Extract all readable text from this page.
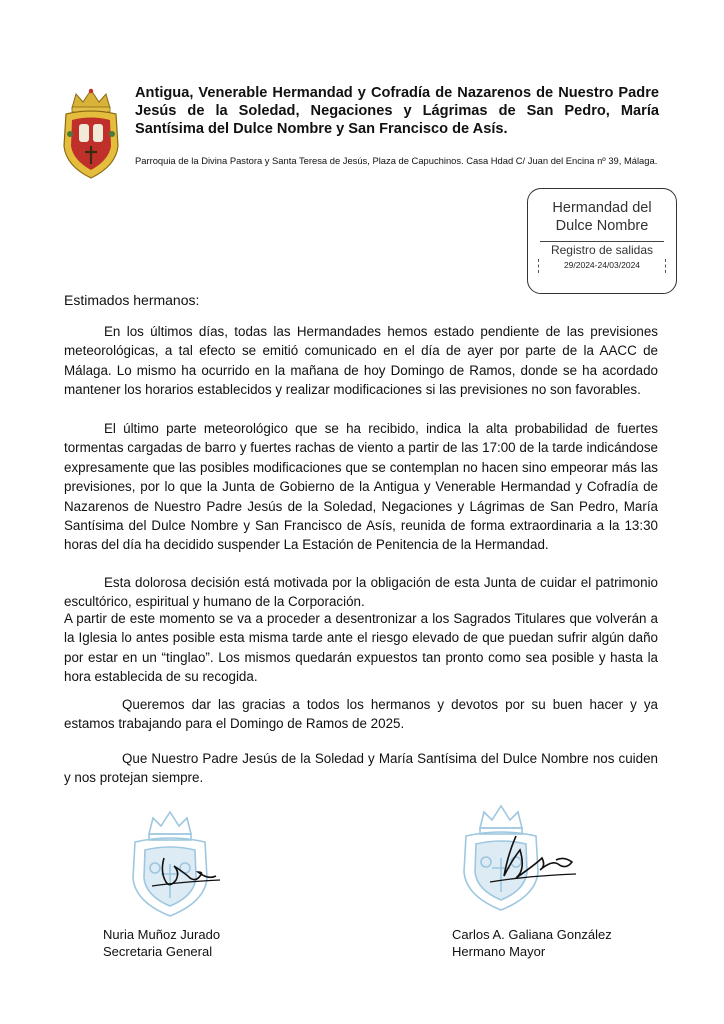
Antigua, Venerable Hermandad y Cofradía de Nazarenos de Nuestro Padre Jesús de la Soledad, Negaciones y Lágrimas de San Pedro, María Santísima del Dulce Nombre y San Francisco de Asís.
Parroquia de la Divina Pastora y Santa Teresa de Jesús, Plaza de Capuchinos. Casa Hdad C/ Juan del Encina nº 39, Málaga.
Hermandad del
Dulce Nombre
Registro de salidas
29/2024-24/03/2024
Estimados hermanos:

En los últimos días, todas las Hermandades hemos estado pendiente de las previsiones meteorológicas, a tal efecto se emitió comunicado en el día de ayer por parte de la AACC de Málaga. Lo mismo ha ocurrido en la mañana de hoy Domingo de Ramos, donde se ha acordado mantener los horarios establecidos y realizar modificaciones si las previsiones no son favorables.

El último parte meteorológico que se ha recibido, indica la alta probabilidad de fuertes tormentas cargadas de barro y fuertes rachas de viento a partir de las 17:00 de la tarde indicándose expresamente que las posibles modificaciones que se contemplan no hacen sino empeorar más las previsiones, por lo que la Junta de Gobierno de la Antigua y Venerable Hermandad y Cofradía de Nazarenos de Nuestro Padre Jesús de la Soledad, Negaciones y Lágrimas de San Pedro, María Santísima del Dulce Nombre y San Francisco de Asís, reunida de forma extraordinaria a la 13:30 horas del día ha decidido suspender La Estación de Penitencia de la Hermandad.

Esta dolorosa decisión está motivada por la obligación de esta Junta de cuidar el patrimonio escultórico, espiritual y humano de la Corporación.

A partir de este momento se va a proceder a desentronizar a los Sagrados Titulares que volverán a la Iglesia lo antes posible esta misma tarde ante el riesgo elevado de que puedan sufrir algún daño por estar en un “tinglao”. Los mismos quedarán expuestos tan pronto como sea posible y hasta la hora establecida de su recogida.

Queremos dar las gracias a todos los hermanos y devotos por su buen hacer y ya estamos trabajando para el Domingo de Ramos de 2025.

Que Nuestro Padre Jesús de la Soledad y María Santísima del Dulce Nombre nos cuiden y nos protejan siempre.

Nuria Muñoz Jurado
Secretaria General
Carlos A. Galiana González
Hermano Mayor
